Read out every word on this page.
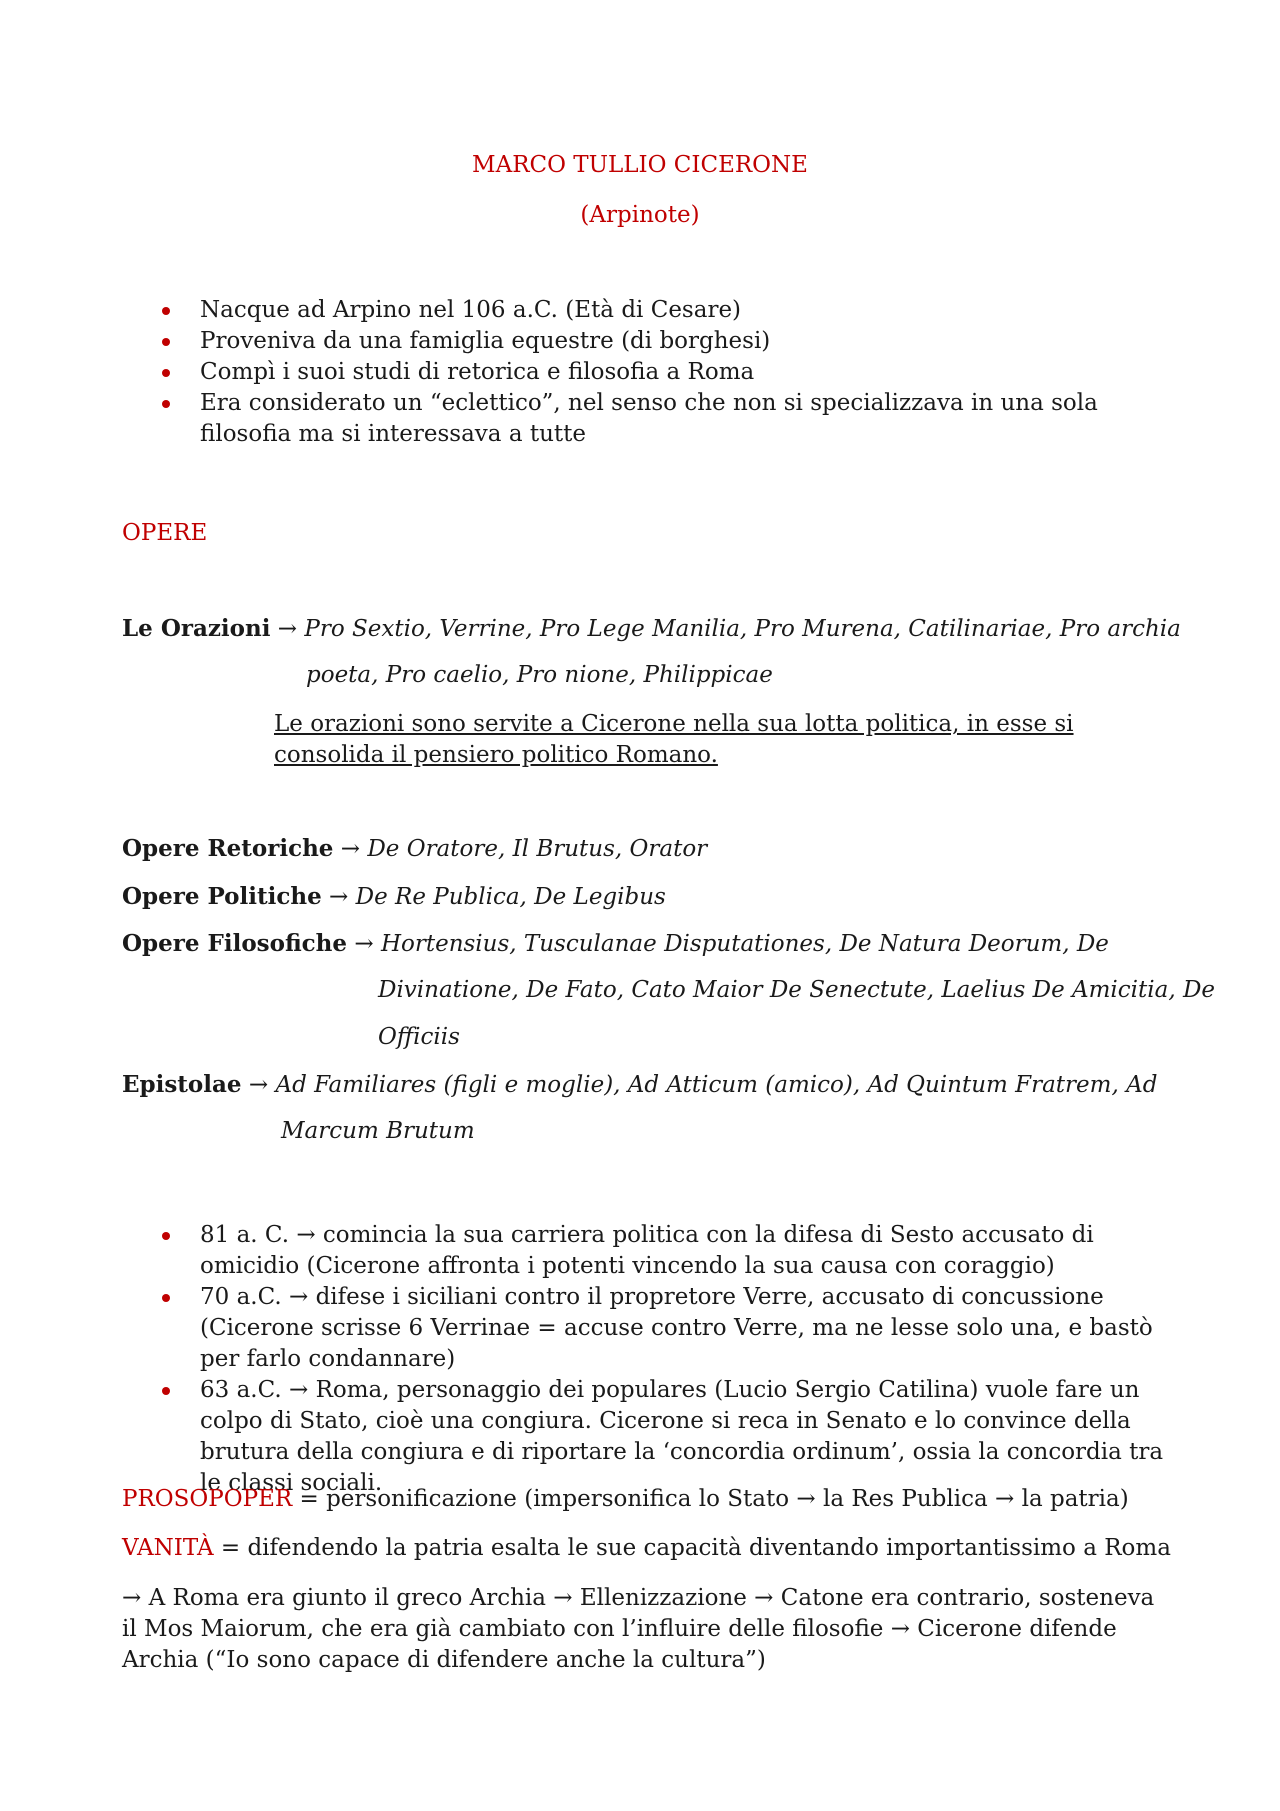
MARCO TULLIO CICERONE
(Arpinote)
Nacque ad Arpino nel 106 a.C. (Età di Cesare)
Proveniva da una famiglia equestre (di borghesi)
Compì i suoi studi di retorica e filosofia a Roma
Era considerato un “eclettico”, nel senso che non si specializzava in una sola filosofia ma si interessava a tutte
OPERE
Le Orazioni → Pro Sextio, Verrine, Pro Lege Manilia, Pro Murena, Catilinariae, Pro archia
poeta, Pro caelio, Pro nione, Philippicae
Le orazioni sono servite a Cicerone nella sua lotta politica, in esse si consolida il pensiero politico Romano.
Opere Retoriche → De Oratore, Il Brutus, Orator
Opere Politiche → De Re Publica, De Legibus
Opere Filosofiche → Hortensius, Tusculanae Disputationes, De Natura Deorum, De
Divinatione, De Fato, Cato Maior De Senectute, Laelius De Amicitia, De
Officiis
Epistolae → Ad Familiares (figli e moglie), Ad Atticum (amico), Ad Quintum Fratrem, Ad
Marcum Brutum
81 a. C. → comincia la sua carriera politica con la difesa di Sesto accusato di omicidio (Cicerone affronta i potenti vincendo la sua causa con coraggio)
70 a.C. → difese i siciliani contro il propretore Verre, accusato di concussione (Cicerone scrisse 6 Verrinae = accuse contro Verre, ma ne lesse solo una, e bastò per farlo condannare)
63 a.C. → Roma, personaggio dei populares (Lucio Sergio Catilina) vuole fare un colpo di Stato, cioè una congiura. Cicerone si reca in Senato e lo convince della brutura della congiura e di riportare la ‘concordia ordinum’, ossia la concordia tra le classi sociali.
PROSOPOPER = personificazione (impersonifica lo Stato → la Res Publica → la patria)
VANITÀ = difendendo la patria esalta le sue capacità diventando importantissimo a Roma
→ A Roma era giunto il greco Archia → Ellenizzazione → Catone era contrario, sosteneva il Mos Maiorum, che era già cambiato con l’influire delle filosofie → Cicerone difende Archia (“Io sono capace di difendere anche la cultura”)
